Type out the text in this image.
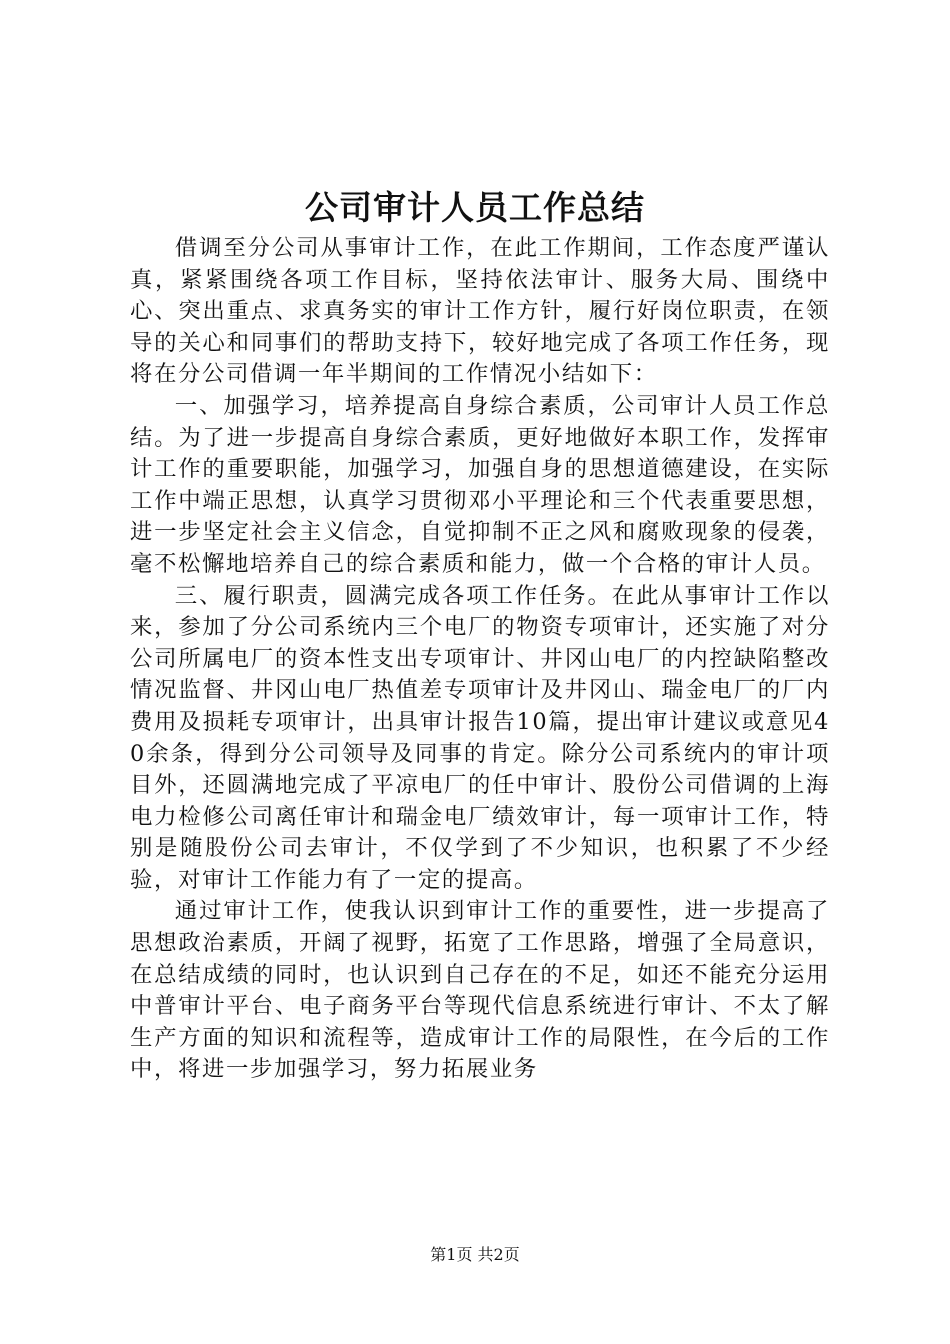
公司审计人员工作总结

借调至分公司从事审计工作，在此工作期间，工作态度严谨认真，紧紧围绕各项工作目标，坚持依法审计、服务大局、围绕中心、突出重点、求真务实的审计工作方针，履行好岗位职责，在领导的关心和同事们的帮助支持下，较好地完成了各项工作任务，现将在分公司借调一年半期间的工作情况小结如下：

一、加强学习，培养提高自身综合素质，公司审计人员工作总结。为了进一步提高自身综合素质，更好地做好本职工作，发挥审计工作的重要职能，加强学习，加强自身的思想道德建设，在实际工作中端正思想，认真学习贯彻邓小平理论和三个代表重要思想，进一步坚定社会主义信念，自觉抑制不正之风和腐败现象的侵袭，毫不松懈地培养自己的综合素质和能力，做一个合格的审计人员。

三、履行职责，圆满完成各项工作任务。在此从事审计工作以来，参加了分公司系统内三个电厂的物资专项审计，还实施了对分公司所属电厂的资本性支出专项审计、井冈山电厂的内控缺陷整改情况监督、井冈山电厂热值差专项审计及井冈山、瑞金电厂的厂内费用及损耗专项审计，出具审计报告10篇，提出审计建议或意见40余条，得到分公司领导及同事的肯定。除分公司系统内的审计项目外，还圆满地完成了平凉电厂的任中审计、股份公司借调的上海电力检修公司离任审计和瑞金电厂绩效审计，每一项审计工作，特别是随股份公司去审计，不仅学到了不少知识，也积累了不少经验，对审计工作能力有了一定的提高。

通过审计工作，使我认识到审计工作的重要性，进一步提高了思想政治素质，开阔了视野，拓宽了工作思路，增强了全局意识，在总结成绩的同时，也认识到自己存在的不足，如还不能充分运用中普审计平台、电子商务平台等现代信息系统进行审计、不太了解生产方面的知识和流程等，造成审计工作的局限性，在今后的工作中，将进一步加强学习，努力拓展业务

第1页 共2页
